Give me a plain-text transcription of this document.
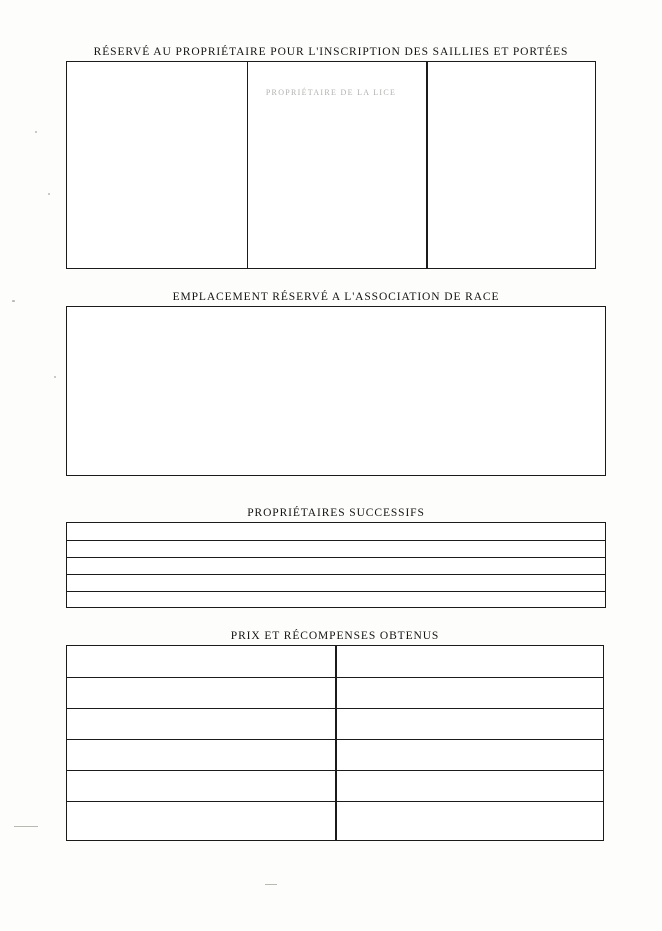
RÉSERVÉ AU PROPRIÉTAIRE POUR L'INSCRIPTION DES SAILLIES ET PORTÉES
PROPRIÉTAIRE DE LA LICE
EMPLACEMENT RÉSERVÉ A L'ASSOCIATION DE RACE
PROPRIÉTAIRES SUCCESSIFS
PRIX ET RÉCOMPENSES OBTENUS
